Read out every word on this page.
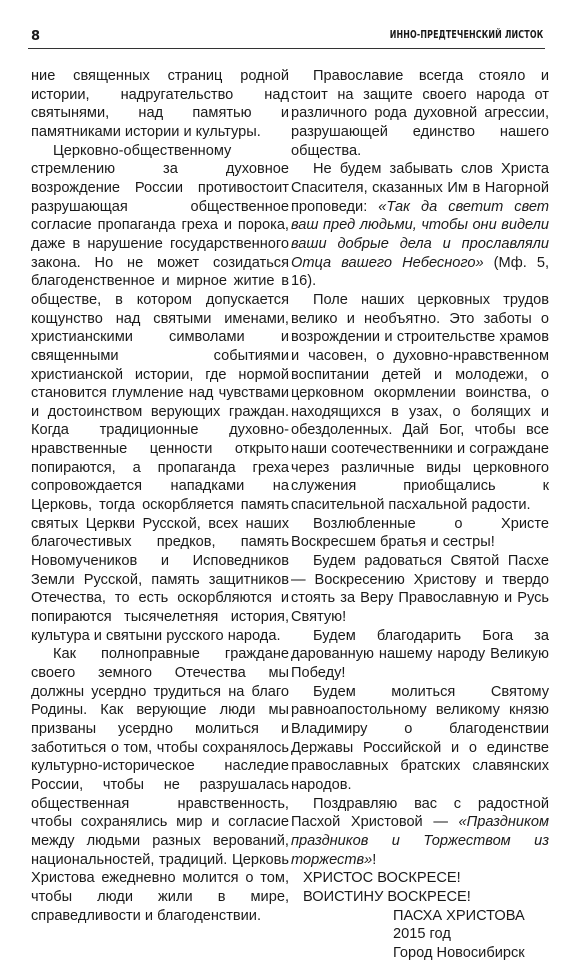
8	ИННО-ПРЕДТЕЧЕНСКИЙ ЛИСТОК

ние священных страниц родной истории, надругательство над святынями, над памятью и памятниками истории и культуры.

Церковно-общественному стремлению за духовное возрождение России противостоит разрушающая общественное согласие пропаганда греха и порока, даже в нарушение государственного закона. Но не может созидаться благоденственное и мирное житие в обществе, в котором допускается кощунство над святыми именами, христианскими символами и священными событиями христианской истории, где нормой становится глумление над чувствами и достоинством верующих граждан. Когда традиционные духовно-нравственные ценности открыто попираются, а пропаганда греха сопровождается нападками на Церковь, тогда оскорбляется память святых Церкви Русской, всех наших благочестивых предков, память Новомучеников и Исповедников Земли Русской, память защитников Отечества, то есть оскорбляются и попираются тысячелетняя история, культура и святыни русского народа.

Как полноправные граждане своего земного Отечества мы должны усердно трудиться на благо Родины. Как верующие люди мы призваны усердно молиться и заботиться о том, чтобы сохранялось культурно-историческое наследие России, чтобы не разрушалась общественная нравственность, чтобы сохранялись мир и согласие между людьми разных верований, национальностей, традиций. Церковь Христова ежедневно молится о том, чтобы люди жили в мире, справедливости и благоденствии.

Православие всегда стояло и стоит на защите своего народа от различного рода духовной агрессии, разрушающей единство нашего общества.

Не будем забывать слов Христа Спасителя, сказанных Им в Нагорной проповеди: «Так да светит свет ваш пред людьми, чтобы они видели ваши добрые дела и прославляли Отца вашего Небесного» (Мф. 5, 16).

Поле наших церковных трудов велико и необъятно. Это заботы о возрождении и строительстве храмов и часовен, о духовно-нравственном воспитании детей и молодежи, о церковном окормлении воинства, о находящихся в узах, о болящих и обездоленных. Дай Бог, чтобы все наши соотечественники и сограждане через различные виды церковного служения приобщались к спасительной пасхальной радости.

Возлюбленные о Христе Воскресшем братья и сестры!

Будем радоваться Святой Пасхе — Воскресению Христову и твердо стоять за Веру Православную и Русь Святую!

Будем благодарить Бога за дарованную нашему народу Великую Победу!

Будем молиться Святому равноапостольному великому князю Владимиру о благоденствии Державы Российской и о единстве православных братских славянских народов.

Поздравляю вас с радостной Пасхой Христовой — «Праздником праздников и Торжеством из торжеств»!

ХРИСТОС ВОСКРЕСЕ!

ВОИСТИНУ ВОСКРЕСЕ!

ПАСХА ХРИСТОВА

2015 год

Город Новосибирск
